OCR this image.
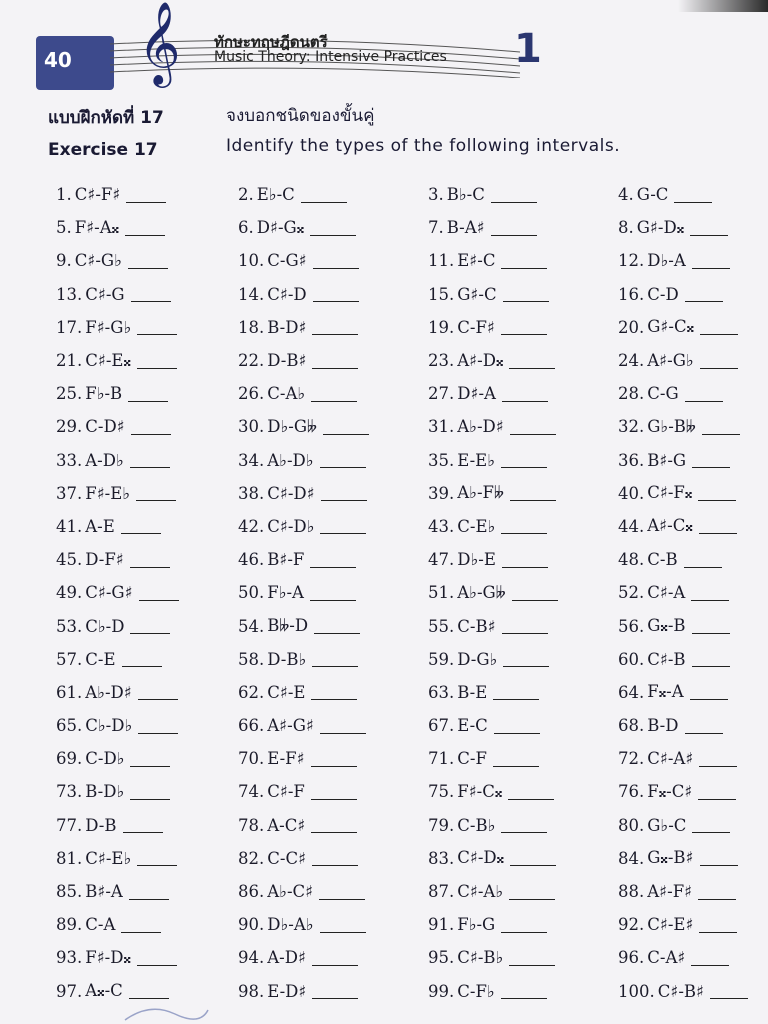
40 𝄞 ทักษะทฤษฎีดนตรี
Music Theory: Intensive Practices 1
แบบฝึกหัดที่ 17
Exercise 17
จงบอกชนิดของขั้นคู่
Identify the types of the following intervals.
1. C♯-F♯	2. E♭-C	3. B♭-C	4. G-C
5. F♯-A𝄪	6. D♯-G𝄪	7. B-A♯	8. G♯-D𝄪
9. C♯-G♭	10. C-G♯	11. E♯-C	12. D♭-A
13. C♯-G	14. C♯-D	15. G♯-C	16. C-D
17. F♯-G♭	18. B-D♯	19. C-F♯	20. G♯-C𝄪
21. C♯-E𝄪	22. D-B♯	23. A♯-D𝄪	24. A♯-G♭
25. F♭-B	26. C-A♭	27. D♯-A	28. C-G
29. C-D♯	30. D♭-G𝄫	31. A♭-D♯	32. G♭-B𝄫
33. A-D♭	34. A♭-D♭	35. E-E♭	36. B♯-G
37. F♯-E♭	38. C♯-D♯	39. A♭-F𝄫	40. C♯-F𝄪
41. A-E	42. C♯-D♭	43. C-E♭	44. A♯-C𝄪
45. D-F♯	46. B♯-F	47. D♭-E	48. C-B
49. C♯-G♯	50. F♭-A	51. A♭-G𝄫	52. C♯-A
53. C♭-D	54. B𝄫-D	55. C-B♯	56. G𝄪-B
57. C-E	58. D-B♭	59. D-G♭	60. C♯-B
61. A♭-D♯	62. C♯-E	63. B-E	64. F𝄪-A
65. C♭-D♭	66. A♯-G♯	67. E-C	68. B-D
69. C-D♭	70. E-F♯	71. C-F	72. C♯-A♯
73. B-D♭	74. C♯-F	75. F♯-C𝄪	76. F𝄪-C♯
77. D-B	78. A-C♯	79. C-B♭	80. G♭-C
81. C♯-E♭	82. C-C♯	83. C♯-D𝄪	84. G𝄪-B♯
85. B♯-A	86. A♭-C♯	87. C♯-A♭	88. A♯-F♯
89. C-A	90. D♭-A♭	91. F♭-G	92. C♯-E♯
93. F♯-D𝄪	94. A-D♯	95. C♯-B♭	96. C-A♯
97. A𝄪-C	98. E-D♯	99. C-F♭	100. C♯-B♯
